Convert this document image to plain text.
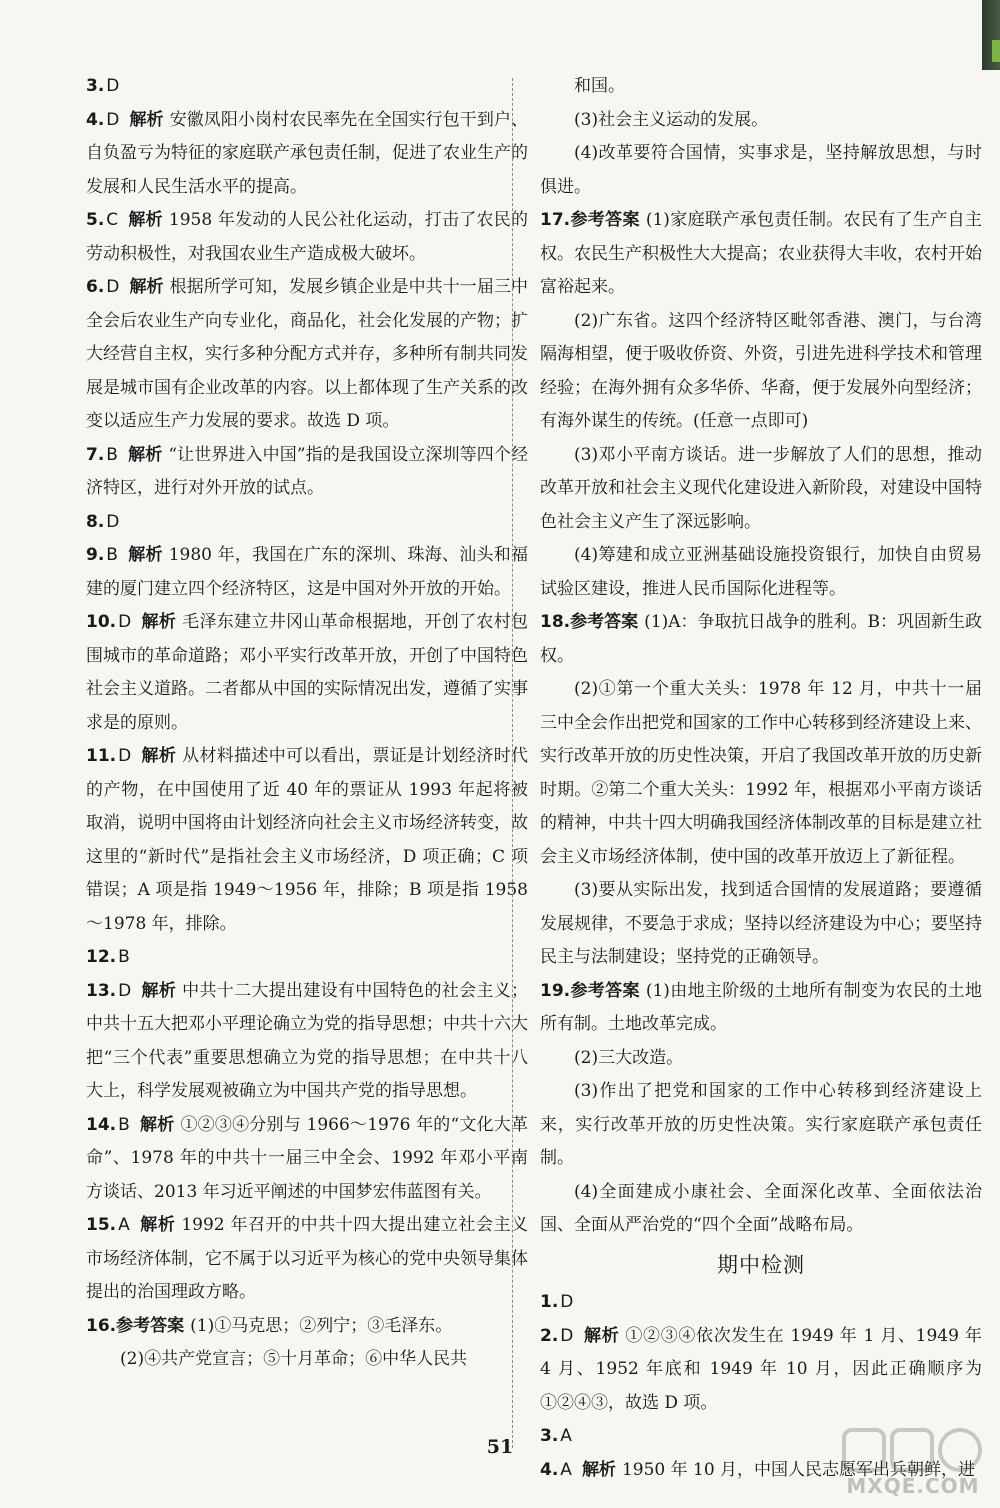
3. D

4. D 解析 安徽凤阳小岗村农民率先在全国实行包干到户、自负盈亏为特征的家庭联产承包责任制，促进了农业生产的发展和人民生活水平的提高。

5. C 解析 1958 年发动的人民公社化运动，打击了农民的劳动积极性，对我国农业生产造成极大破坏。

6. D 解析 根据所学可知，发展乡镇企业是中共十一届三中全会后农业生产向专业化，商品化，社会化发展的产物；扩大经营自主权，实行多种分配方式并存，多种所有制共同发展是城市国有企业改革的内容。以上都体现了生产关系的改变以适应生产力发展的要求。故选 D 项。

7. B 解析 “让世界进入中国”指的是我国设立深圳等四个经济特区，进行对外开放的试点。

8. D

9. B 解析 1980 年，我国在广东的深圳、珠海、汕头和福建的厦门建立四个经济特区，这是中国对外开放的开始。

10. D 解析 毛泽东建立井冈山革命根据地，开创了农村包围城市的革命道路；邓小平实行改革开放，开创了中国特色社会主义道路。二者都从中国的实际情况出发，遵循了实事求是的原则。

11. D 解析 从材料描述中可以看出，票证是计划经济时代的产物，在中国使用了近 40 年的票证从 1993 年起将被取消，说明中国将由计划经济向社会主义市场经济转变，故这里的“新时代”是指社会主义市场经济，D 项正确；C 项错误；A 项是指 1949～1956 年，排除；B 项是指 1958～1978 年，排除。

12. B

13. D 解析 中共十二大提出建设有中国特色的社会主义；中共十五大把邓小平理论确立为党的指导思想；中共十六大把“三个代表”重要思想确立为党的指导思想；在中共十八大上，科学发展观被确立为中国共产党的指导思想。

14. B 解析 ①②③④分别与 1966～1976 年的“文化大革命”、1978 年的中共十一届三中全会、1992 年邓小平南方谈话、2013 年习近平阐述的中国梦宏伟蓝图有关。

15. A 解析 1992 年召开的中共十四大提出建立社会主义市场经济体制，它不属于以习近平为核心的党中央领导集体提出的治国理政方略。

16.参考答案 (1)①马克思；②列宁；③毛泽东。

(2)④共产党宣言；⑤十月革命；⑥中华人民共

和国。

(3)社会主义运动的发展。

(4)改革要符合国情，实事求是，坚持解放思想，与时俱进。

17.参考答案 (1)家庭联产承包责任制。农民有了生产自主权。农民生产积极性大大提高；农业获得大丰收，农村开始富裕起来。

(2)广东省。这四个经济特区毗邻香港、澳门，与台湾隔海相望，便于吸收侨资、外资，引进先进科学技术和管理经验；在海外拥有众多华侨、华裔，便于发展外向型经济；有海外谋生的传统。(任意一点即可)

(3)邓小平南方谈话。进一步解放了人们的思想，推动改革开放和社会主义现代化建设进入新阶段，对建设中国特色社会主义产生了深远影响。

(4)筹建和成立亚洲基础设施投资银行，加快自由贸易试验区建设，推进人民币国际化进程等。

18.参考答案 (1)A：争取抗日战争的胜利。B：巩固新生政权。

(2)①第一个重大关头：1978 年 12 月，中共十一届三中全会作出把党和国家的工作中心转移到经济建设上来、实行改革开放的历史性决策，开启了我国改革开放的历史新时期。②第二个重大关头：1992 年，根据邓小平南方谈话的精神，中共十四大明确我国经济体制改革的目标是建立社会主义市场经济体制，使中国的改革开放迈上了新征程。

(3)要从实际出发，找到适合国情的发展道路；要遵循发展规律，不要急于求成；坚持以经济建设为中心；要坚持民主与法制建设；坚持党的正确领导。

19.参考答案 (1)由地主阶级的土地所有制变为农民的土地所有制。土地改革完成。

(2)三大改造。

(3)作出了把党和国家的工作中心转移到经济建设上来，实行改革开放的历史性决策。实行家庭联产承包责任制。

(4)全面建成小康社会、全面深化改革、全面依法治国、全面从严治党的“四个全面”战略布局。

期中检测

1. D

2. D 解析 ①②③④依次发生在 1949 年 1 月、1949 年 4 月、1952 年底和 1949 年 10 月，因此正确顺序为①②④③，故选 D 项。

3. A

4. A 解析 1950 年 10 月，中国人民志愿军出兵朝鲜，进

51
MXQE.COM
